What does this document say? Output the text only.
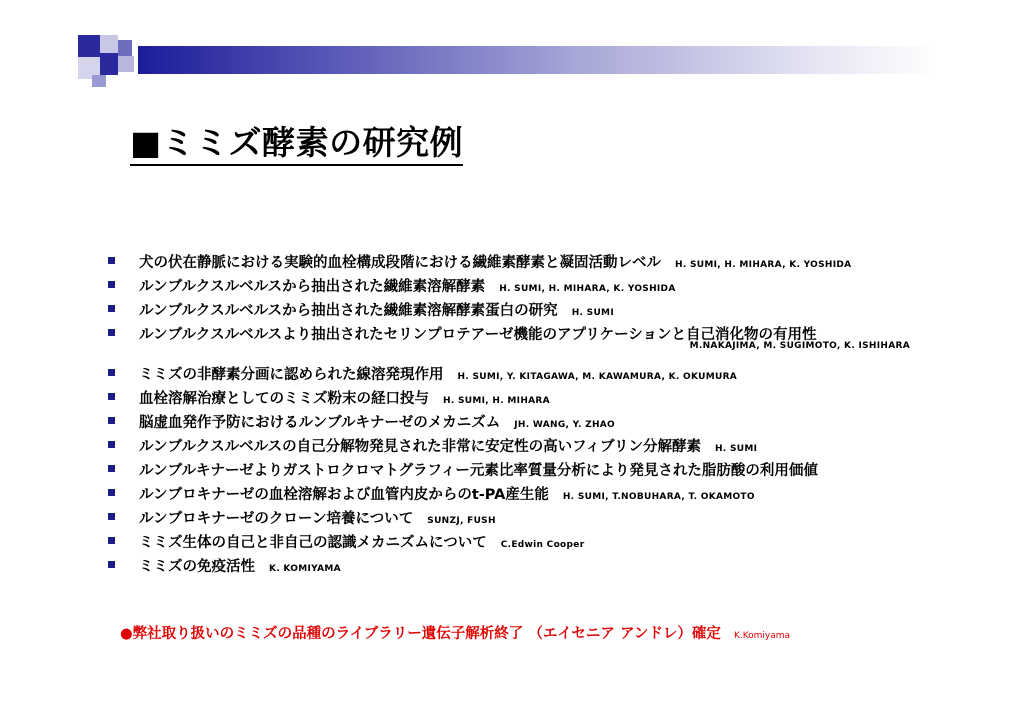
■ミミズ酵素の研究例
犬の伏在静脈における実験的血栓構成段階における繊維素酵素と凝固活動レベル H. SUMI, H. MIHARA, K. YOSHIDA
ルンブルクスルベルスから抽出された繊維素溶解酵素 H. SUMI, H. MIHARA, K. YOSHIDA
ルンブルクスルベルスから抽出された繊維素溶解酵素蛋白の研究 H. SUMI
ルンブルクスルベルスより抽出されたセリンプロテアーゼ機能のアプリケーションと自己消化物の有用性
M.NAKAJIMA, M. SUGIMOTO, K. ISHIHARA
ミミズの非酵素分画に認められた線溶発現作用 H. SUMI, Y. KITAGAWA, M. KAWAMURA, K. OKUMURA
血栓溶解治療としてのミミズ粉末の経口投与 H. SUMI, H. MIHARA
脳虚血発作予防におけるルンブルキナーゼのメカニズム JH. WANG, Y. ZHAO
ルンブルクスルベルスの自己分解物発見された非常に安定性の高いフィブリン分解酵素 H. SUMI
ルンブルキナーゼよりガストロクロマトグラフィー元素比率質量分析により発見された脂肪酸の利用価値
ルンブロキナーゼの血栓溶解および血管内皮からのt-PA産生能 H. SUMI, T.NOBUHARA, T. OKAMOTO
ルンブロキナーゼのクローン培養について SUNZJ, FUSH
ミミズ生体の自己と非自己の認識メカニズムについて C.Edwin Cooper
ミミズの免疫活性 K. KOMIYAMA
●弊社取り扱いのミミズの品種のライブラリー遺伝子解析終了 （エイセニア アンドレ）確定 K.Komiyama
